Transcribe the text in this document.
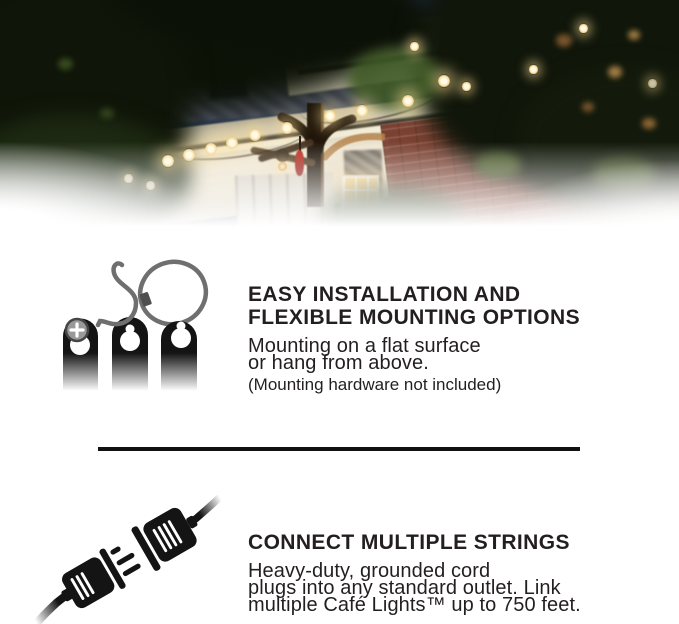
EASY INSTALLATION AND
FLEXIBLE MOUNTING OPTIONS
Mounting on a flat surface
or hang from above.
(Mounting hardware not included)
CONNECT MULTIPLE STRINGS
Heavy-duty, grounded cord
plugs into any standard outlet. Link
multiple Café Lights™ up to 750 feet.
